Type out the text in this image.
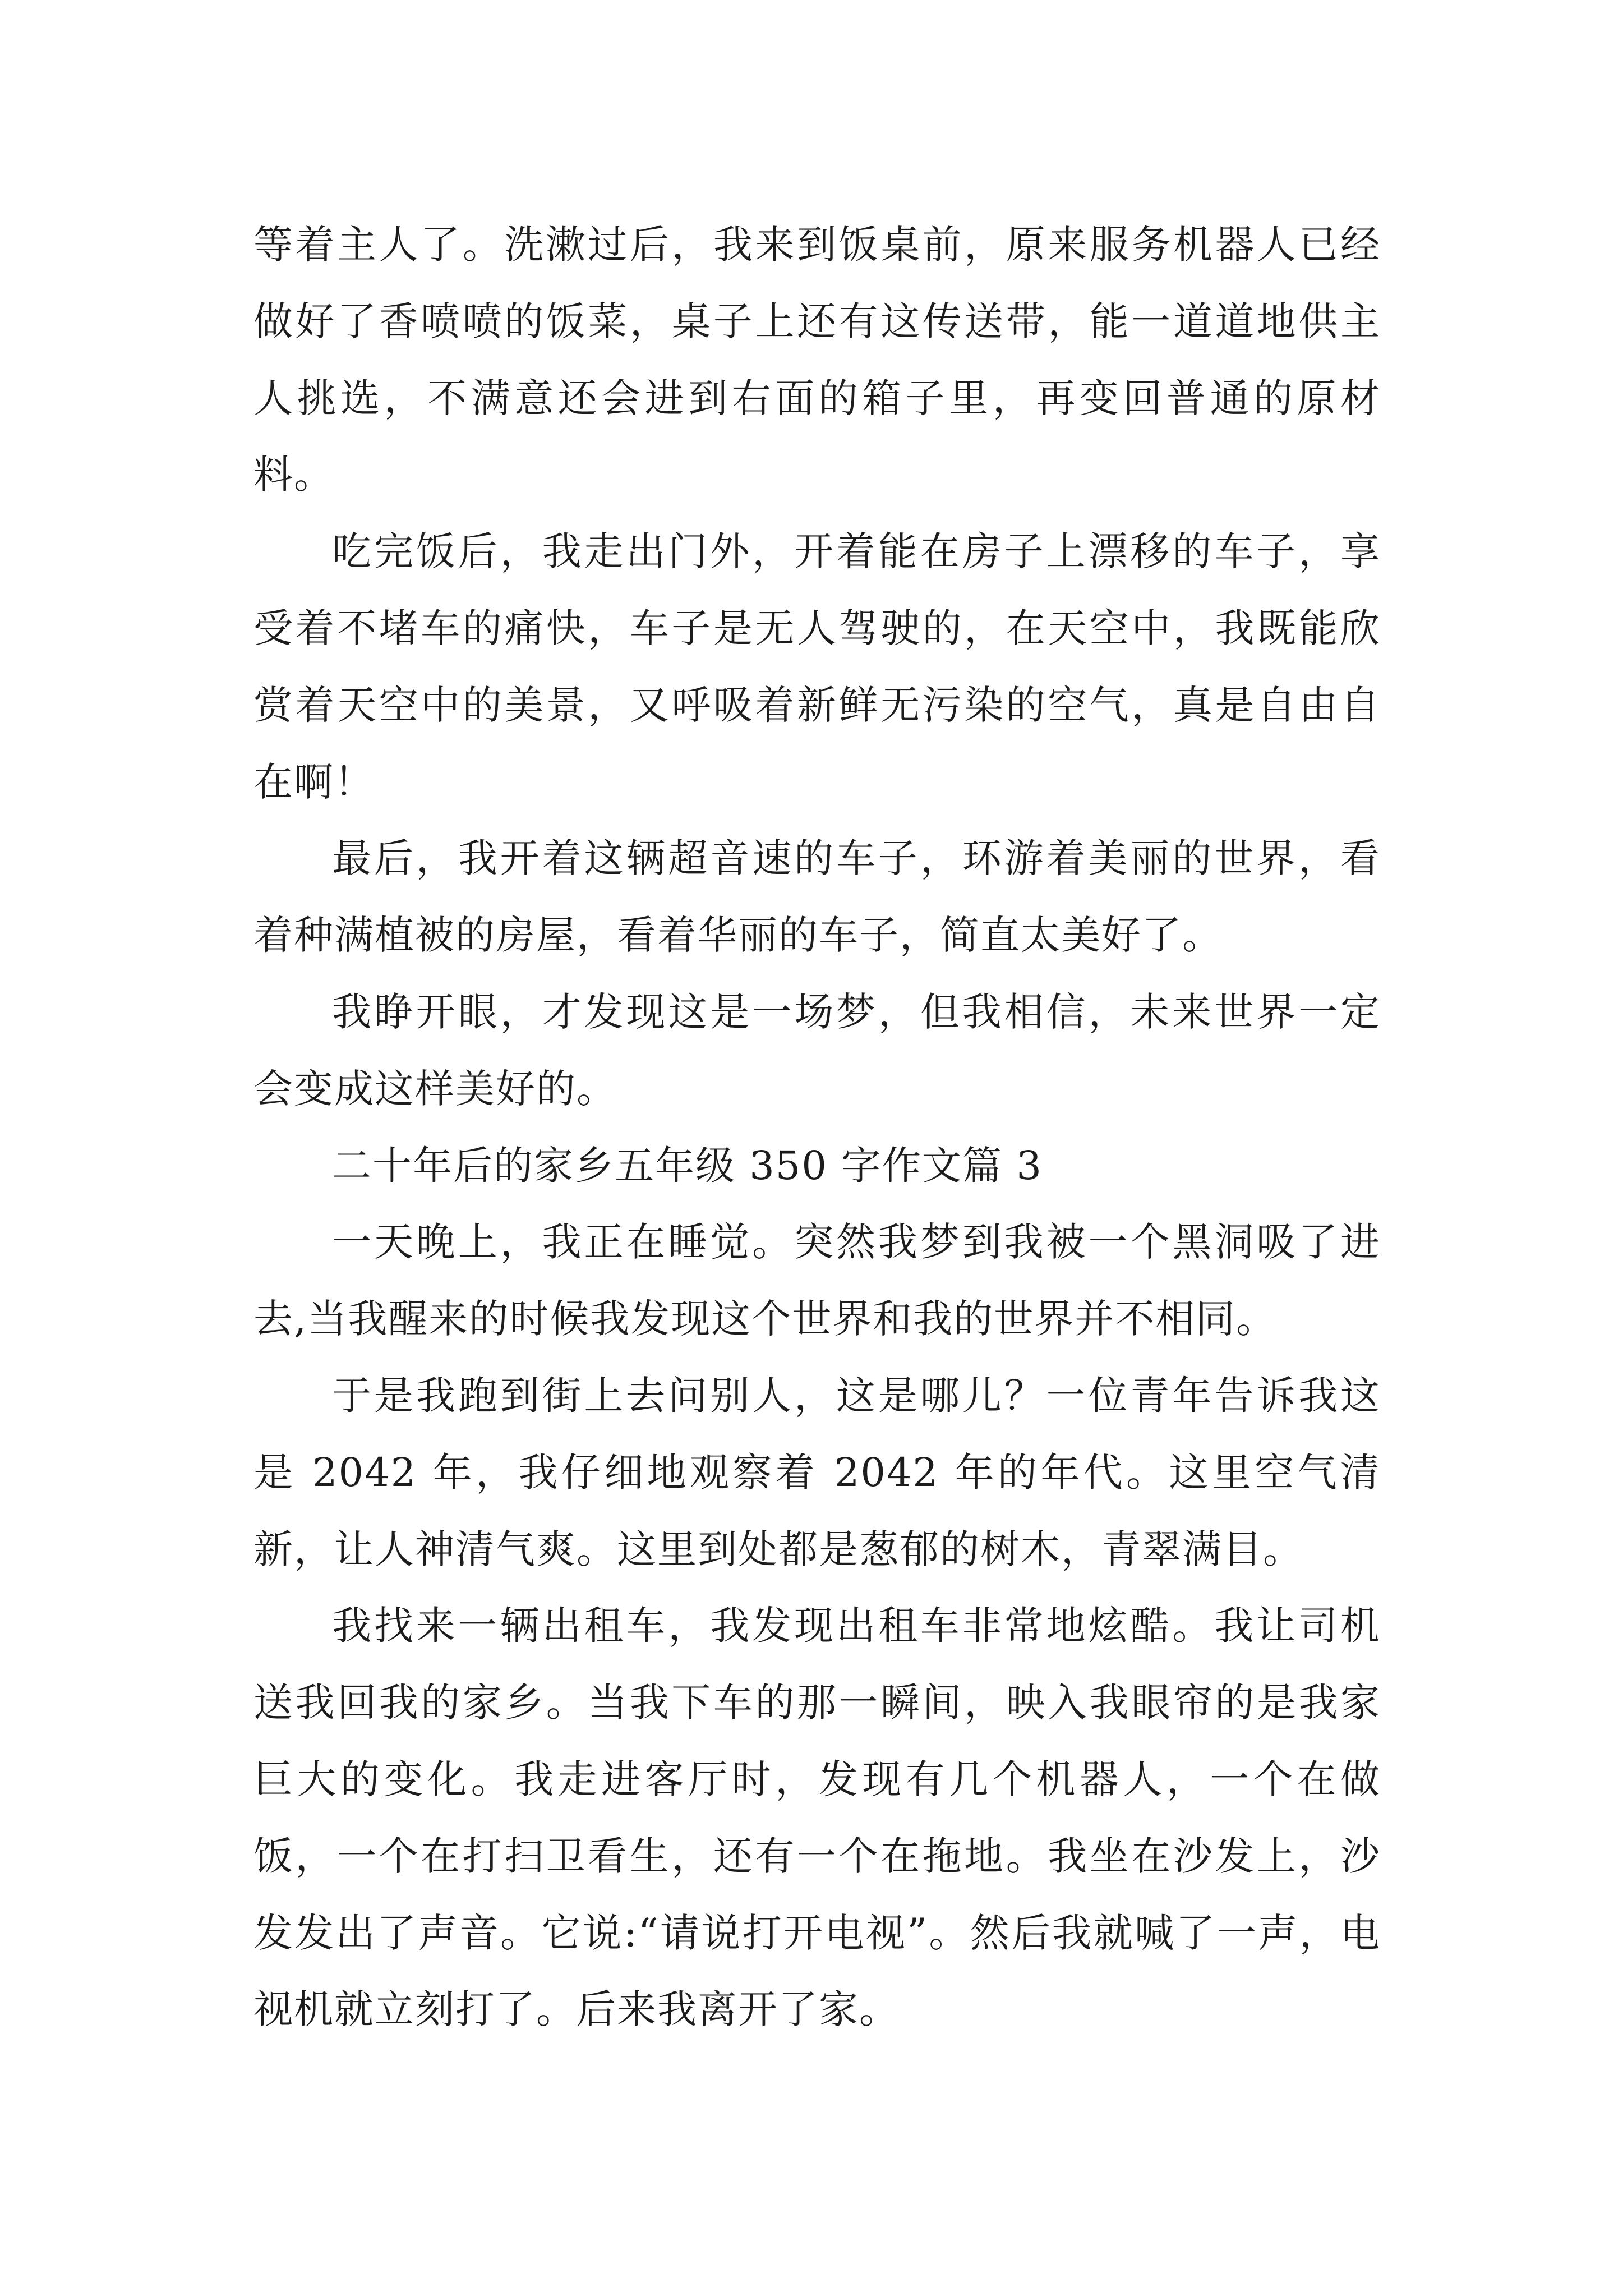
等着主人了。洗漱过后，我来到饭桌前，原来服务机器人已经做好了香喷喷的饭菜，桌子上还有这传送带，能一道道地供主人挑选，不满意还会进到右面的箱子里，再变回普通的原材料。

吃完饭后，我走出门外，开着能在房子上漂移的车子，享受着不堵车的痛快，车子是无人驾驶的，在天空中，我既能欣赏着天空中的美景，又呼吸着新鲜无污染的空气，真是自由自在啊！

最后，我开着这辆超音速的车子，环游着美丽的世界，看着种满植被的房屋，看着华丽的车子，简直太美好了。

我睁开眼，才发现这是一场梦，但我相信，未来世界一定会变成这样美好的。

二十年后的家乡五年级 350 字作文篇 3

一天晚上，我正在睡觉。突然我梦到我被一个黑洞吸了进去,当我醒来的时候我发现这个世界和我的世界并不相同。

于是我跑到街上去问别人，这是哪儿？一位青年告诉我这是 2042 年，我仔细地观察着 2042 年的年代。这里空气清新，让人神清气爽。这里到处都是葱郁的树木，青翠满目。

我找来一辆出租车，我发现出租车非常地炫酷。我让司机送我回我的家乡。当我下车的那一瞬间，映入我眼帘的是我家巨大的变化。我走进客厅时，发现有几个机器人，一个在做饭，一个在打扫卫看生，还有一个在拖地。我坐在沙发上，沙发发出了声音。它说:“请说打开电视”。然后我就喊了一声，电视机就立刻打了。后来我离开了家。
